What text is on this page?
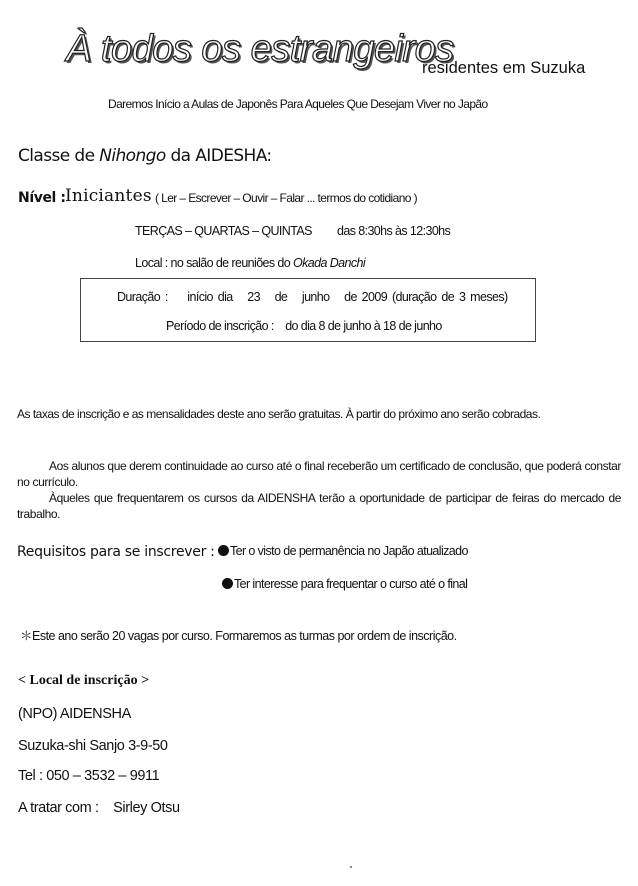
À todos os estrangeiros
residentes em Suzuka
Daremos Início a Aulas de Japonês Para Aqueles Que Desejam Viver no Japão
Classe de Nihongo da AIDESHA:
Nível : Iniciantes ( Ler – Escrever – Ouvir – Falar ... termos do cotidiano )
TERÇAS – QUARTAS – QUINTAS das 8:30hs às 12:30hs
Local : no salão de reuniões do Okada Danchi
Duração : início dia   23   de   junho   de 2009 (duração de 3 meses)
Período de inscrição : do dia 8 de junho à 18 de junho
As taxas de inscrição e as mensalidades deste ano serão gratuitas. À partir do próximo ano serão cobradas.
Aos alunos que derem continuidade ao curso até o final receberão um certificado de conclusão, que poderá constar no currículo.
Àqueles que frequentarem os cursos da AIDENSHA terão a oportunidade de participar de feiras do mercado de trabalho.
Requisitos para se inscrever :	Ter o visto de permanência no Japão atualizado
Ter interesse para frequentar o curso até o final
＊Este ano serão 20 vagas por curso. Formaremos as turmas por ordem de inscrição.
< Local de inscrição >
(NPO) AIDENSHA
Suzuka-shi Sanjo 3-9-50
Tel : 050 – 3532 – 9911
A tratar com :    Sirley Otsu
